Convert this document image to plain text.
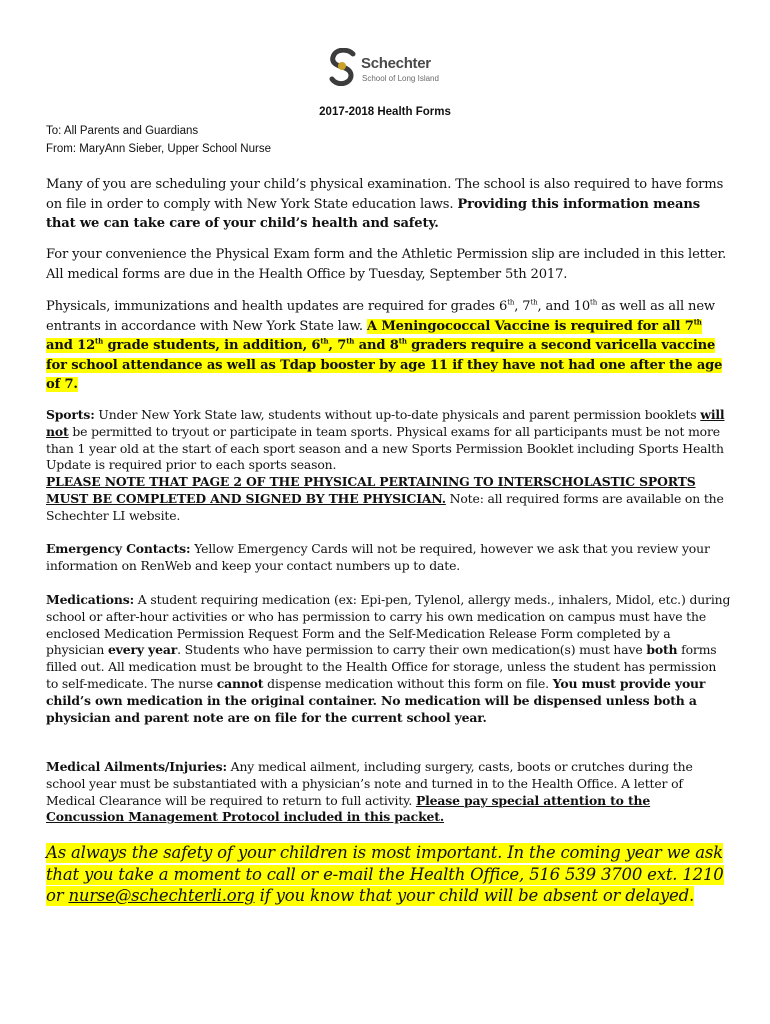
Schechter
School of Long Island
2017-2018 Health Forms
To: All Parents and Guardians
From: MaryAnn Sieber, Upper School Nurse
Many of you are scheduling your child’s physical examination. The school is also required to have forms on file in order to comply with New York State education laws. Providing this information means that we can take care of your child’s health and safety.
For your convenience the Physical Exam form and the Athletic Permission slip are included in this letter. All medical forms are due in the Health Office by Tuesday, September 5th 2017.
Physicals, immunizations and health updates are required for grades 6th, 7th, and 10th as well as all new entrants in accordance with New York State law. A Meningococcal Vaccine is required for all 7th and 12th grade students, in addition, 6th, 7th and 8th graders require a second varicella vaccine for school attendance as well as Tdap booster by age 11 if they have not had one after the age of 7.
Sports: Under New York State law, students without up-to-date physicals and parent permission booklets will not be permitted to tryout or participate in team sports. Physical exams for all participants must be not more than 1 year old at the start of each sport season and a new Sports Permission Booklet including Sports Health Update is required prior to each sports season.
PLEASE NOTE THAT PAGE 2 OF THE PHYSICAL PERTAINING TO INTERSCHOLASTIC SPORTS MUST BE COMPLETED AND SIGNED BY THE PHYSICIAN. Note: all required forms are available on the Schechter LI website.
Emergency Contacts: Yellow Emergency Cards will not be required, however we ask that you review your information on RenWeb and keep your contact numbers up to date.
Medications: A student requiring medication (ex: Epi-pen, Tylenol, allergy meds., inhalers, Midol, etc.) during school or after-hour activities or who has permission to carry his own medication on campus must have the enclosed Medication Permission Request Form and the Self-Medication Release Form completed by a physician every year. Students who have permission to carry their own medication(s) must have both forms filled out. All medication must be brought to the Health Office for storage, unless the student has permission to self-medicate. The nurse cannot dispense medication without this form on file. You must provide your child’s own medication in the original container. No medication will be dispensed unless both a physician and parent note are on file for the current school year.
Medical Ailments/Injuries: Any medical ailment, including surgery, casts, boots or crutches during the school year must be substantiated with a physician’s note and turned in to the Health Office. A letter of Medical Clearance will be required to return to full activity. Please pay special attention to the Concussion Management Protocol included in this packet.
As always the safety of your children is most important. In the coming year we ask that you take a moment to call or e-mail the Health Office, 516 539 3700 ext. 1210 or nurse@schechterli.org if you know that your child will be absent or delayed.
